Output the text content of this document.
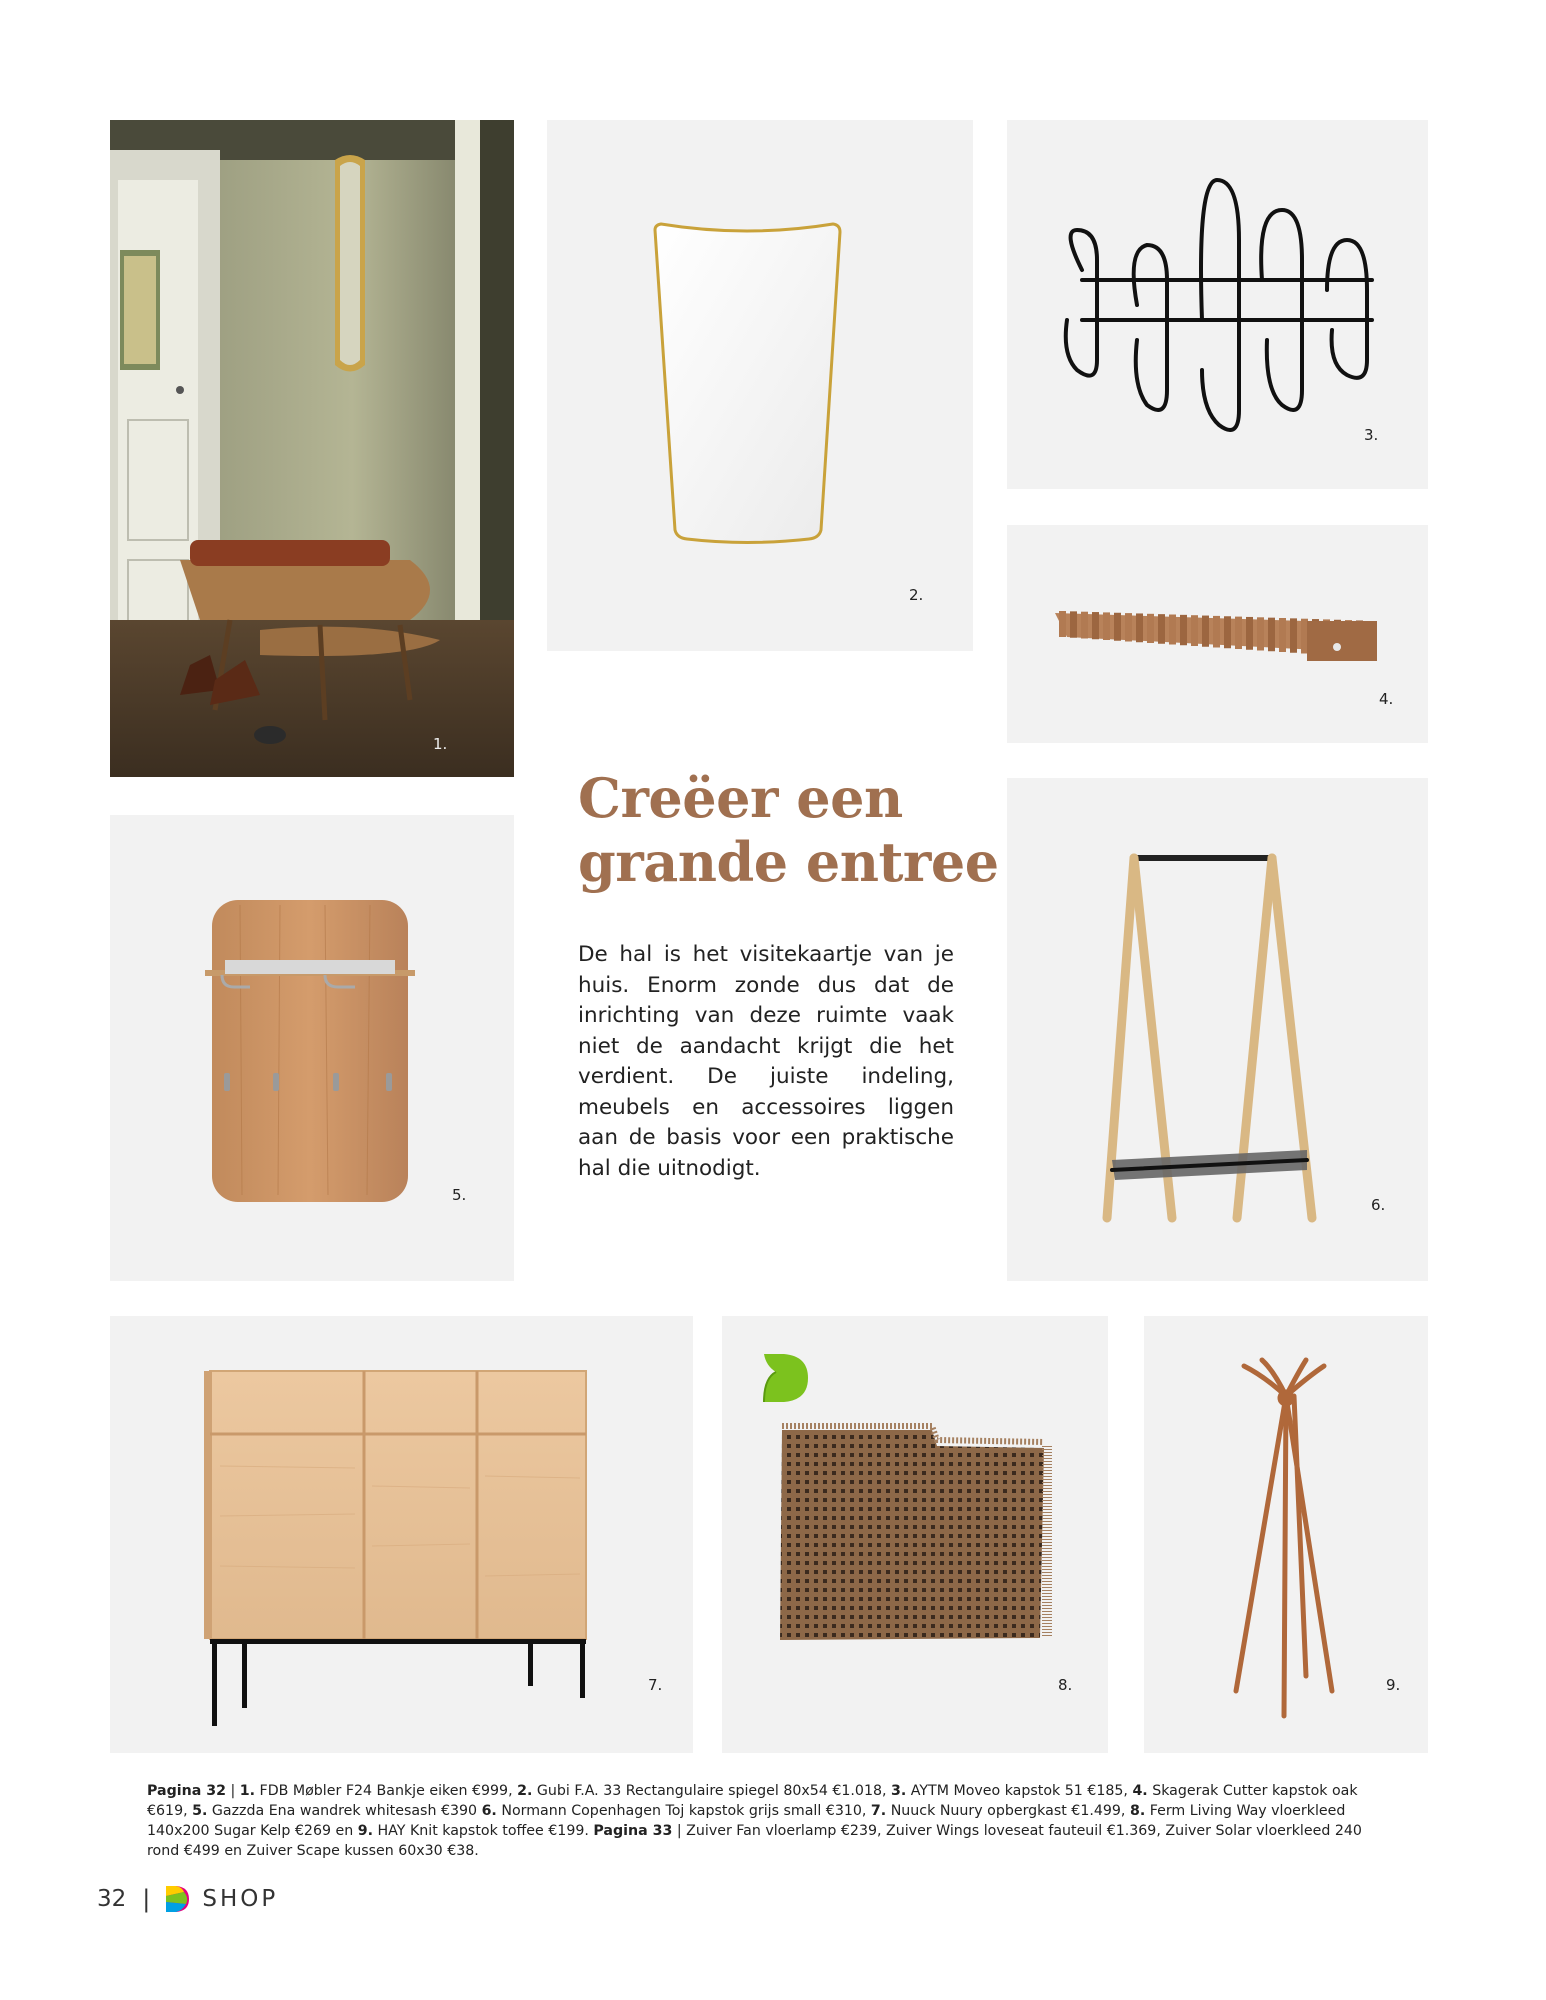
1.
2.
3.
4.
Creëer een
grande entree

De hal is het visitekaartje van je huis. Enorm zonde dus dat de inrichting van deze ruimte vaak niet de aandacht krijgt die het verdient. De juiste indeling, meubels en accessoires liggen aan de basis voor een praktische hal die uitnodigt.

5.
6.
7.	8.	9.

Pagina 32 | 1. FDB Møbler F24 Bankje eiken €999, 2. Gubi F.A. 33 Rectangulaire spiegel 80x54 €1.018, 3. AYTM Moveo kapstok 51 €185, 4. Skagerak Cutter kapstok oak €619, 5. Gazzda Ena wandrek whitesash €390 6. Normann Copenhagen Toj kapstok grijs small €310, 7. Nuuck Nuury opbergkast €1.499, 8. Ferm Living Way vloerkleed 140x200 Sugar Kelp €269 en 9. HAY Knit kapstok toffee €199. Pagina 33 | Zuiver Fan vloerlamp €239, Zuiver Wings loveseat fauteuil €1.369, Zuiver Solar vloerkleed 240 rond €499 en Zuiver Scape kussen 60x30 €38.

32 | SHOP
